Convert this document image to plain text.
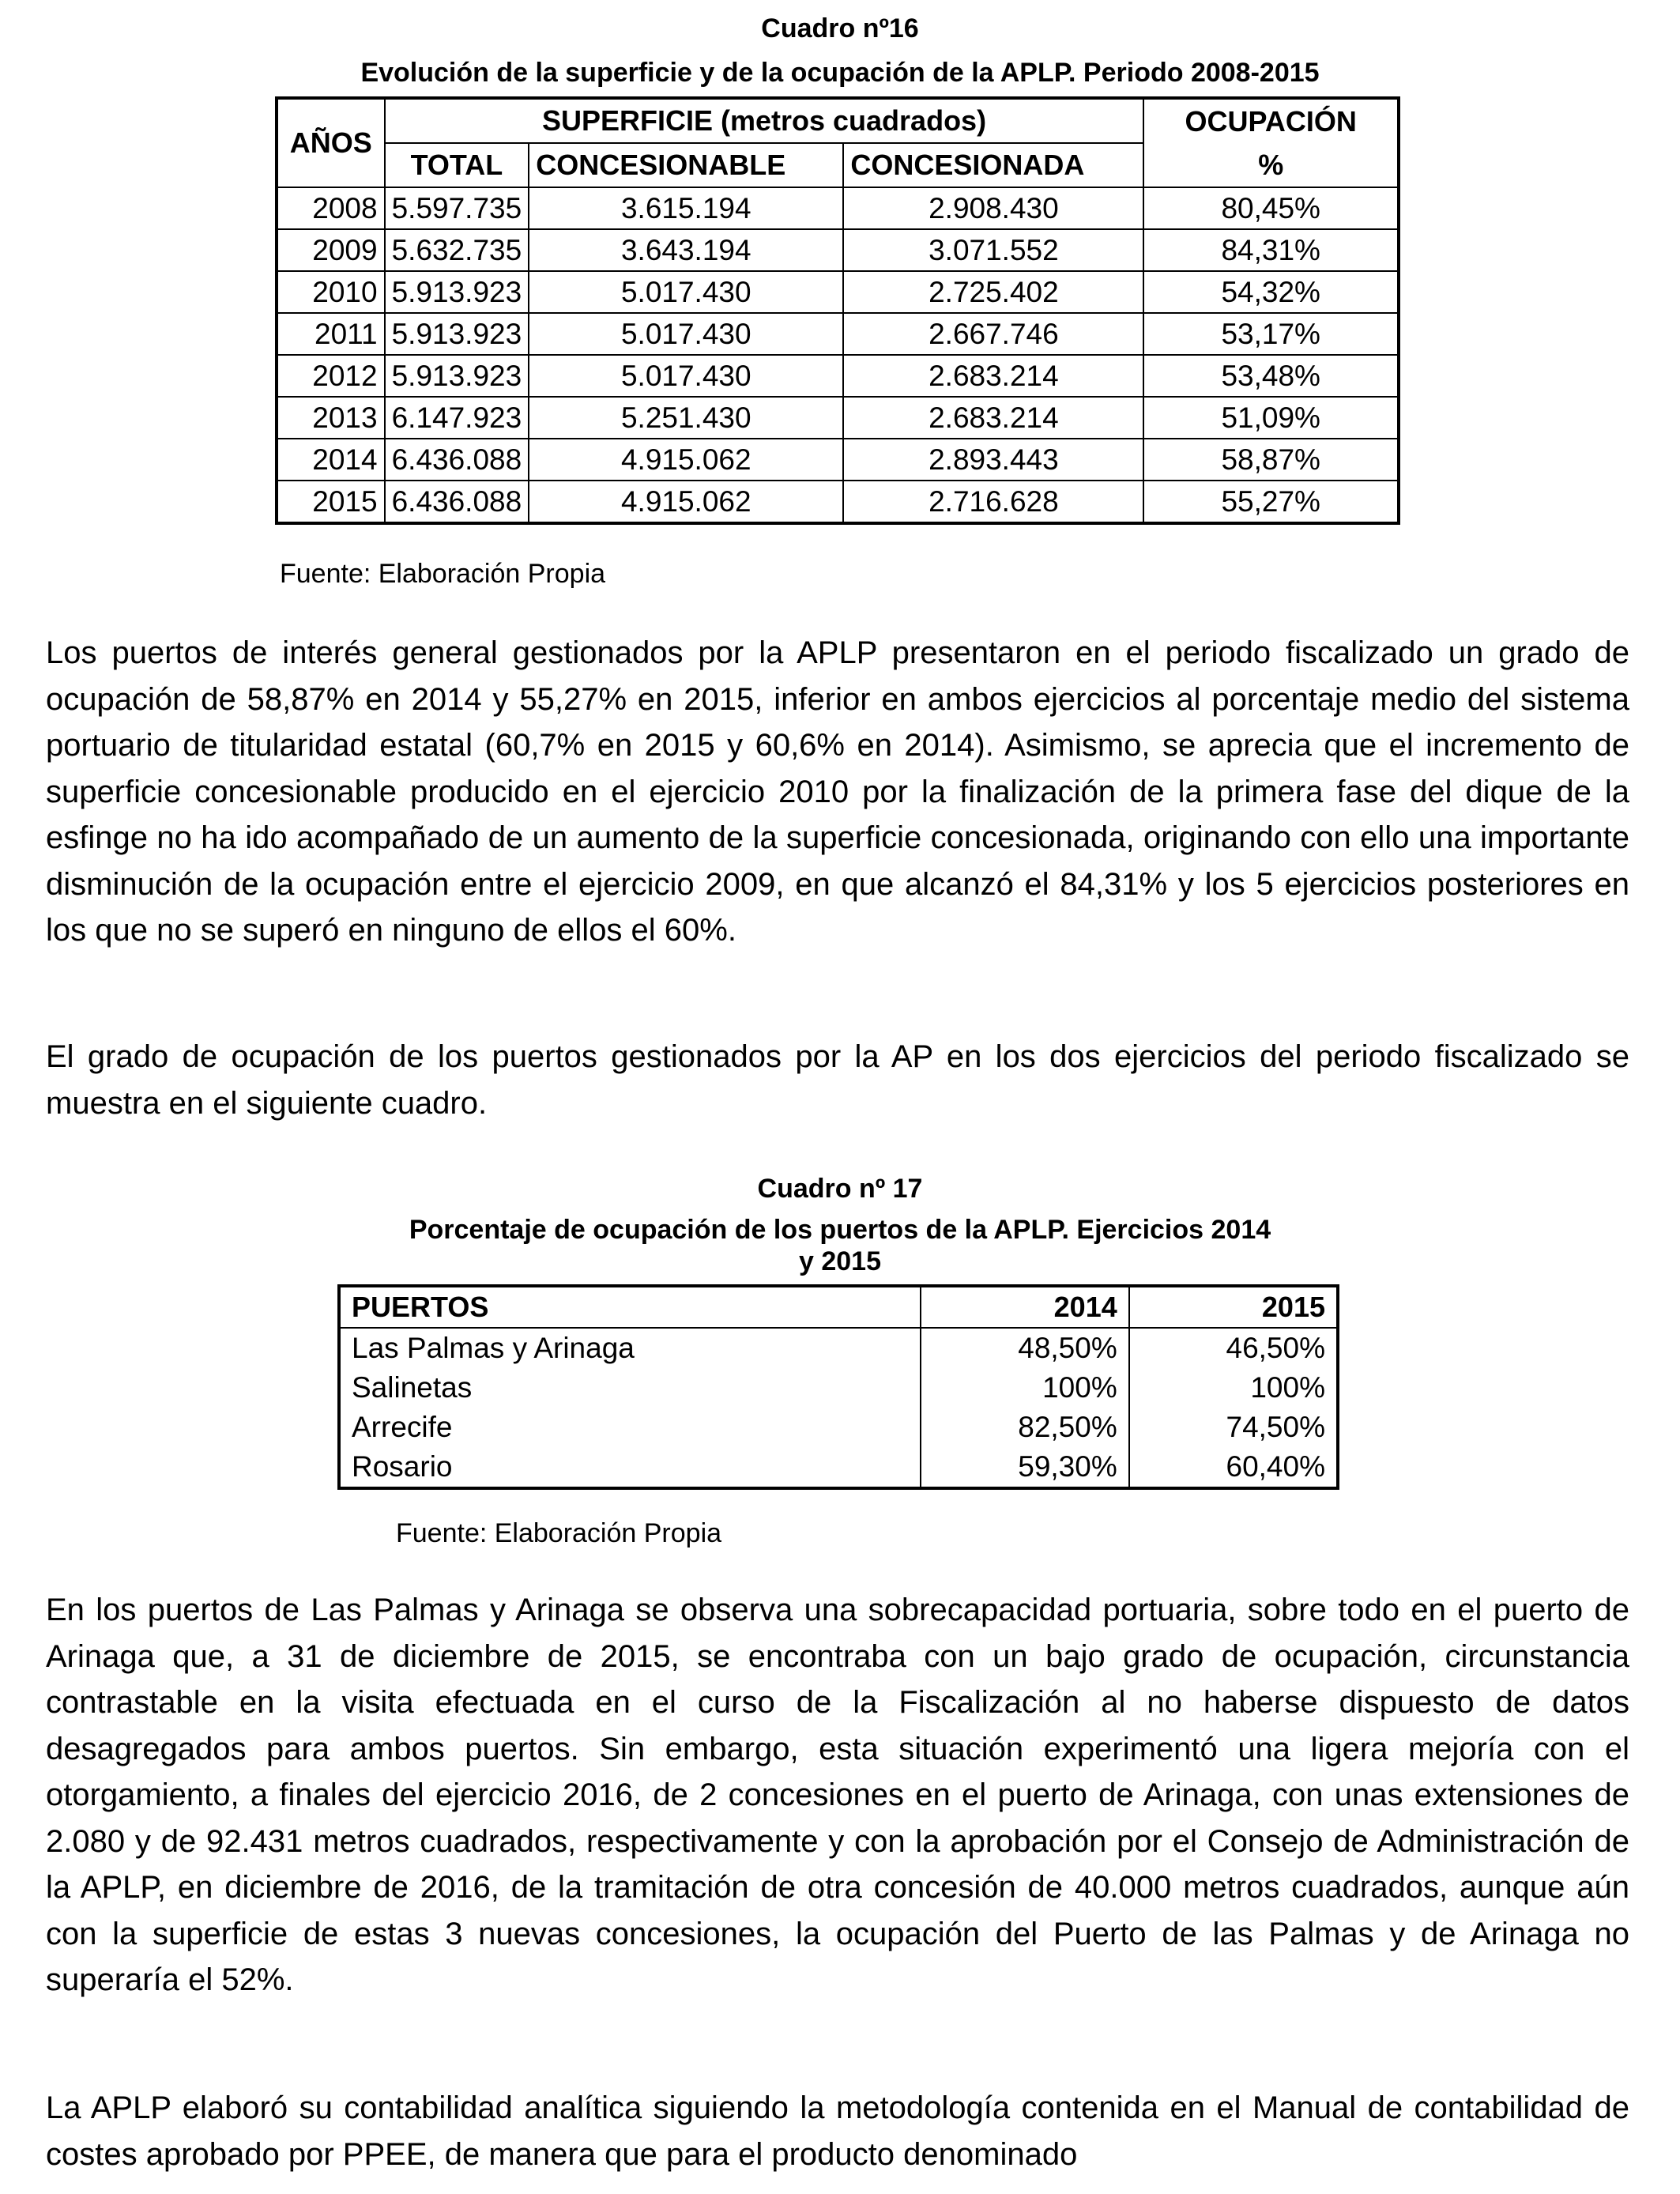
Cuadro nº16
Evolución de la superficie y de la ocupación de la APLP. Periodo 2008-2015
AÑOS	SUPERFICIE (metros cuadrados)			OCUPACIÓN
	TOTAL	CONCESIONABLE	CONCESIONADA	%
2008	5.597.735	3.615.194	2.908.430	80,45%
2009	5.632.735	3.643.194	3.071.552	84,31%
2010	5.913.923	5.017.430	2.725.402	54,32%
2011	5.913.923	5.017.430	2.667.746	53,17%
2012	5.913.923	5.017.430	2.683.214	53,48%
2013	6.147.923	5.251.430	2.683.214	51,09%
2014	6.436.088	4.915.062	2.893.443	58,87%
2015	6.436.088	4.915.062	2.716.628	55,27%
Fuente: Elaboración Propia

Los puertos de interés general gestionados por la APLP presentaron en el periodo fiscalizado un grado de ocupación de 58,87% en 2014 y 55,27% en 2015, inferior en ambos ejercicios al porcentaje medio del sistema portuario de titularidad estatal (60,7% en 2015 y 60,6% en 2014). Asimismo, se aprecia que el incremento de superficie concesionable producido en el ejercicio 2010 por la finalización de la primera fase del dique de la esfinge no ha ido acompañado de un aumento de la superficie concesionada, originando con ello una importante disminución de la ocupación entre el ejercicio 2009, en que alcanzó el 84,31% y los 5 ejercicios posteriores en los que no se superó en ninguno de ellos el 60%.

El grado de ocupación de los puertos gestionados por la AP en los dos ejercicios del periodo fiscalizado se muestra en el siguiente cuadro.

Cuadro nº 17
Porcentaje de ocupación de los puertos de la APLP. Ejercicios 2014
y 2015
PUERTOS	2014	2015
Las Palmas y Arinaga	48,50%	46,50%
Salinetas	100%	100%
Arrecife	82,50%	74,50%
Rosario	59,30%	60,40%
Fuente: Elaboración Propia

En los puertos de Las Palmas y Arinaga se observa una sobrecapacidad portuaria, sobre todo en el puerto de Arinaga que, a 31 de diciembre de 2015, se encontraba con un bajo grado de ocupación, circunstancia contrastable en la visita efectuada en el curso de la Fiscalización al no haberse dispuesto de datos desagregados para ambos puertos. Sin embargo, esta situación experimentó una ligera mejoría con el otorgamiento, a finales del ejercicio 2016, de 2 concesiones en el puerto de Arinaga, con unas extensiones de 2.080 y de 92.431 metros cuadrados, respectivamente y con la aprobación por el Consejo de Administración de la APLP, en diciembre de 2016, de la tramitación de otra concesión de 40.000 metros cuadrados, aunque aún con la superficie de estas 3 nuevas concesiones, la ocupación del Puerto de las Palmas y de Arinaga no superaría el 52%.

La APLP elaboró su contabilidad analítica siguiendo la metodología contenida en el Manual de contabilidad de costes aprobado por PPEE, de manera que para el producto denominado
